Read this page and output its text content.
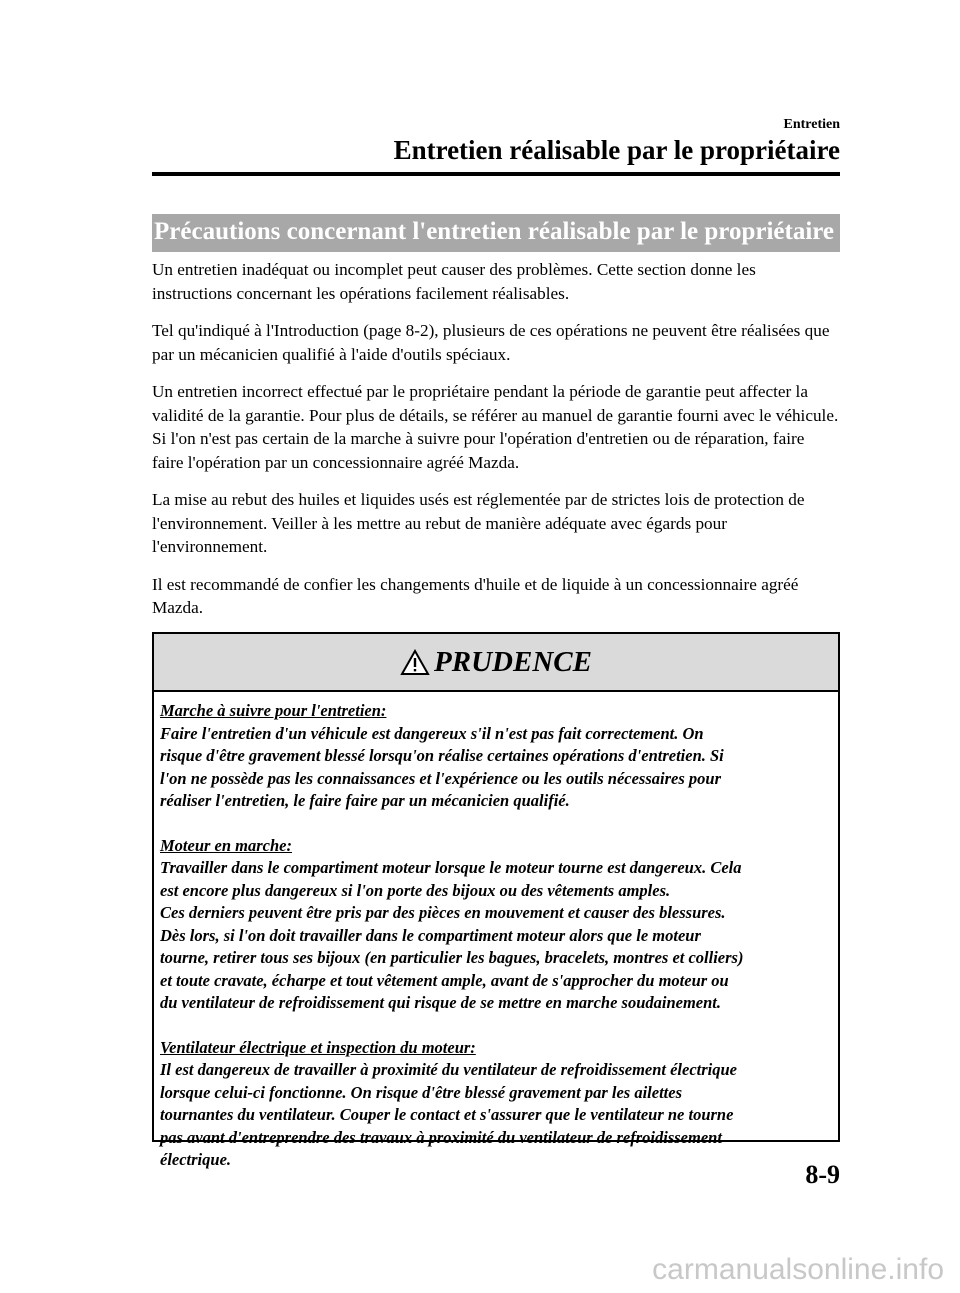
Entretien
Entretien réalisable par le propriétaire
Précautions concernant l'entretien réalisable par le propriétaire

Un entretien inadéquat ou incomplet peut causer des problèmes. Cette section donne les instructions concernant les opérations facilement réalisables.

Tel qu'indiqué à l'Introduction (page 8-2), plusieurs de ces opérations ne peuvent être réalisées que par un mécanicien qualifié à l'aide d'outils spéciaux.

Un entretien incorrect effectué par le propriétaire pendant la période de garantie peut affecter la validité de la garantie. Pour plus de détails, se référer au manuel de garantie fourni avec le véhicule. Si l'on n'est pas certain de la marche à suivre pour l'opération d'entretien ou de réparation, faire faire l'opération par un concessionnaire agréé Mazda.

La mise au rebut des huiles et liquides usés est réglementée par de strictes lois de protection de l'environnement. Veiller à les mettre au rebut de manière adéquate avec égards pour l'environnement.

Il est recommandé de confier les changements d'huile et de liquide à un concessionnaire agréé Mazda.

PRUDENCE
Marche à suivre pour l'entretien:
Faire l'entretien d'un véhicule est dangereux s'il n'est pas fait correctement. On
risque d'être gravement blessé lorsqu'on réalise certaines opérations d'entretien. Si
l'on ne possède pas les connaissances et l'expérience ou les outils nécessaires pour
réaliser l'entretien, le faire faire par un mécanicien qualifié.
Moteur en marche:
Travailler dans le compartiment moteur lorsque le moteur tourne est dangereux. Cela
est encore plus dangereux si l'on porte des bijoux ou des vêtements amples.
Ces derniers peuvent être pris par des pièces en mouvement et causer des blessures.
Dès lors, si l'on doit travailler dans le compartiment moteur alors que le moteur
tourne, retirer tous ses bijoux (en particulier les bagues, bracelets, montres et colliers)
et toute cravate, écharpe et tout vêtement ample, avant de s'approcher du moteur ou
du ventilateur de refroidissement qui risque de se mettre en marche soudainement.
Ventilateur électrique et inspection du moteur:
Il est dangereux de travailler à proximité du ventilateur de refroidissement électrique
lorsque celui-ci fonctionne. On risque d'être blessé gravement par les ailettes
tournantes du ventilateur. Couper le contact et s'assurer que le ventilateur ne tourne
pas avant d'entreprendre des travaux à proximité du ventilateur de refroidissement
électrique.
8-9
carmanualsonline.info
